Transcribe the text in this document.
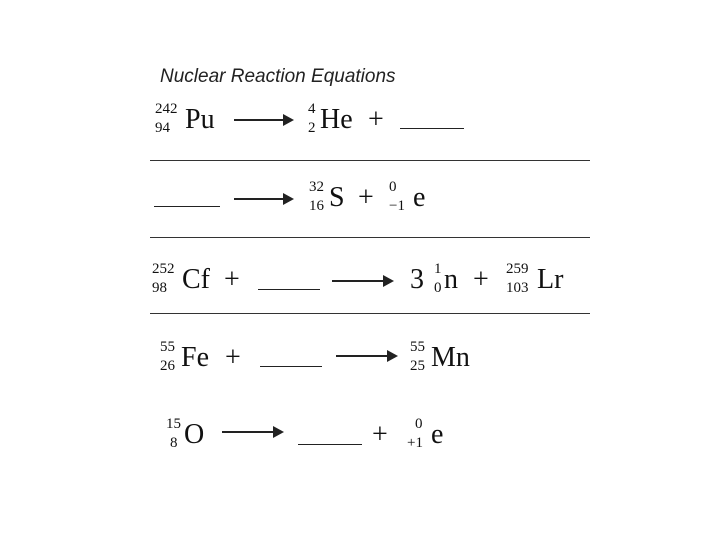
Nuclear Reaction Equations
242
94 Pu	4
2 He +
32
16 S + 0
−1 e
252
98 Cf +	3 1
0 n + 259
103 Lr
55
26 Fe +	55
25 Mn
15
8 O	+ 0
+1 e
